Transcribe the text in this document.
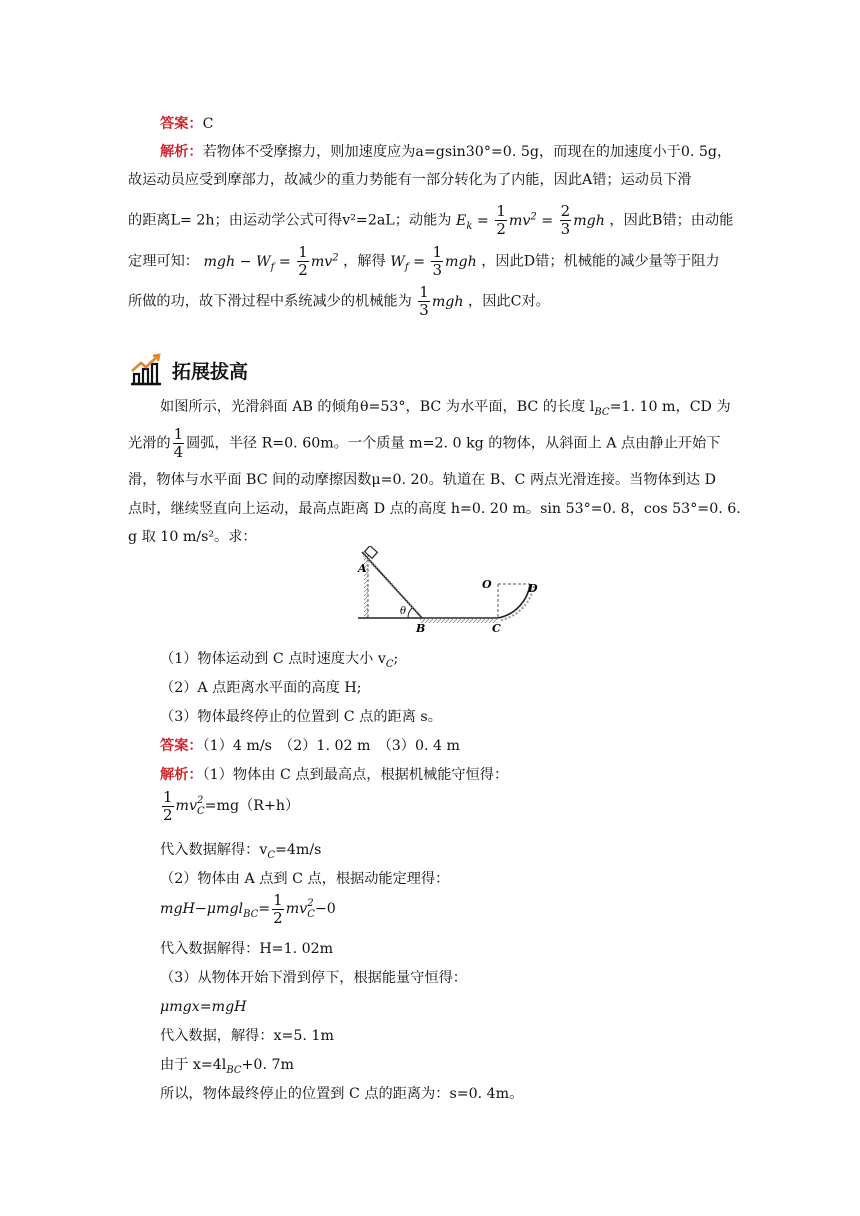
答案：C
解析：若物体不受摩擦力，则加速度应为a=gsin30°=0. 5g，而现在的加速度小于0. 5g，
故运动员应受到摩部力，故减少的重力势能有一部分转化为了内能，因此A错；运动员下滑
的距离L= 2h；由运动学公式可得v²=2aL；动能为 $E_k = \frac{1}{2} mv^2 = \frac{2}{3}$ mgh ，因此B错；由动能
定理可知： mgh − $W_f = \frac{1}{2} mv^2$ ，解得 $W_f = \frac{1}{3}$ mgh ，因此D错；机械能的减少量等于阻力
所做的功，故下滑过程中系统减少的机械能为 $\frac{1}{3}$ mgh ，因此C对。
拓展拔高
如图所示，光滑斜面 AB 的倾角θ=53°，BC 为水平面，BC 的长度 $l_{BC}=1$. 10 m，CD 为
光滑的 $\frac{1}{4}$ 圆弧，半径 R=0. 60m。一个质量 m=2. 0 kg 的物体，从斜面上 A 点由静止开始下
滑，物体与水平面 BC 间的动摩擦因数μ=0. 20。轨道在 B、C 两点光滑连接。当物体到达 D
点时，继续竖直向上运动，最高点距离 D 点的高度 h=0. 20 m。sin 53°=0. 8，cos 53°=0. 6.
g 取 10 m/s²。求：
A
B	C
D
O
θ
（1）物体运动到 C 点时速度大小 $v_C$;
（2）A 点距离水平面的高度 H;
（3）物体最终停止的位置到 C 点的距离 s。
答案：（1）4 m/s　（2）1. 02 m　（3）0. 4 m
解析：（1）物体由 C 点到最高点，根据机械能守恒得：
$\frac{1}{2}$ mv 2
C =mg（R+h）
代入数据解得：$v_C=4m/s$
（2）物体由 A 点到 C 点，根据动能定理得：
$mgH-\mu mgl_{BC}= \frac{1}{2}$ mv 2
C −0
代入数据解得：H=1. 02m
（3）从物体开始下滑到停下，根据能量守恒得：
μmgx=mgH
代入数据，解得：x=5. 1m
由于 $x=4l_{BC}+0$. 7m
所以，物体最终停止的位置到 C 点的距离为：s=0. 4m。
